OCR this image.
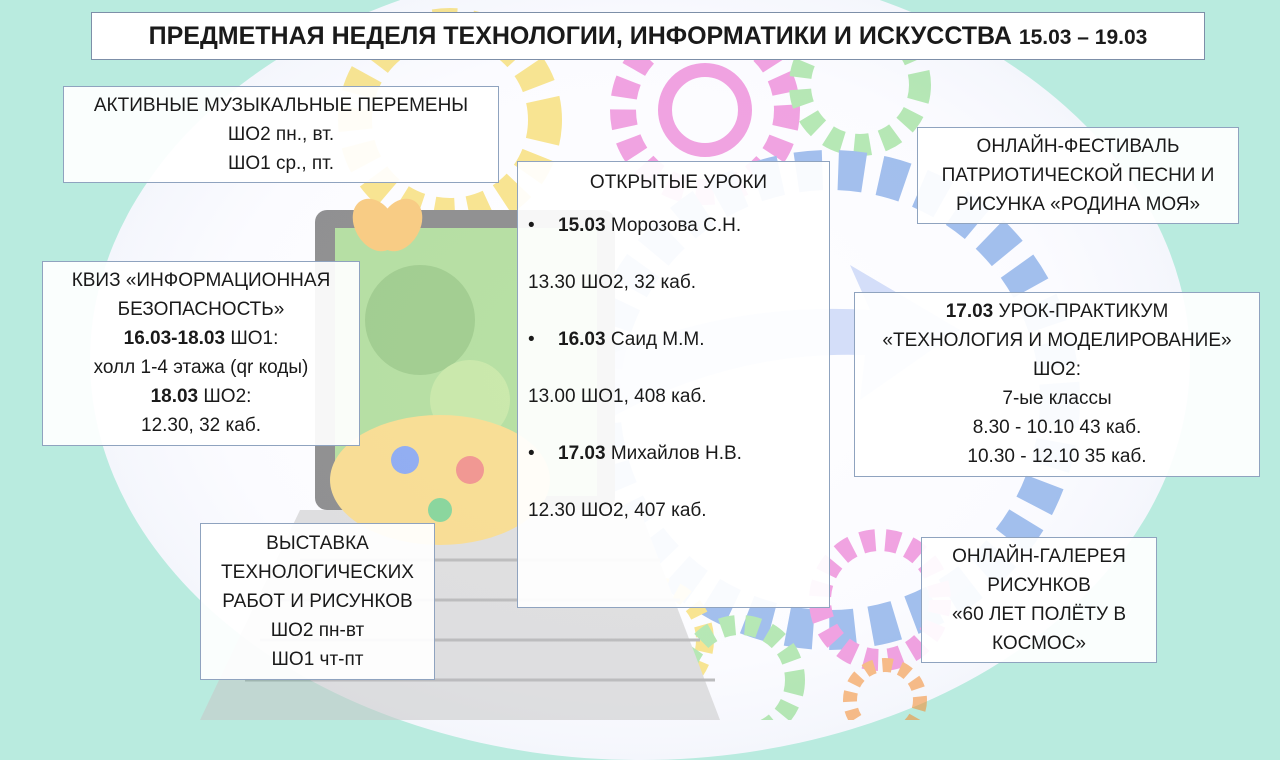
ПРЕДМЕТНАЯ НЕДЕЛЯ ТЕХНОЛОГИИ, ИНФОРМАТИКИ И ИСКУССТВА 15.03 – 19.03
АКТИВНЫЕ МУЗЫКАЛЬНЫЕ ПЕРЕМЕНЫ
ШО2 пн., вт.
ШО1 ср., пт.
КВИЗ «ИНФОРМАЦИОННАЯ
БЕЗОПАСНОСТЬ»
16.03-18.03 ШО1:
холл 1-4 этажа (qr коды)
18.03 ШО2:
12.30, 32 каб.
ВЫСТАВКА
ТЕХНОЛОГИЧЕСКИХ
РАБОТ И РИСУНКОВ
ШО2 пн-вт
ШО1 чт-пт
ОТКРЫТЫЕ УРОКИ
• 15.03 Морозова С.Н.
13.30 ШО2, 32 каб.
• 16.03 Саид М.М.
13.00 ШО1, 408 каб.
• 17.03 Михайлов Н.В.
12.30 ШО2, 407 каб.
ОНЛАЙН-ФЕСТИВАЛЬ
ПАТРИОТИЧЕСКОЙ ПЕСНИ И
РИСУНКА «РОДИНА МОЯ»
17.03 УРОК-ПРАКТИКУМ
«ТЕХНОЛОГИЯ И МОДЕЛИРОВАНИЕ»
ШО2:
7-ые классы
8.30 - 10.10 43 каб.
10.30 - 12.10 35 каб.
ОНЛАЙН-ГАЛЕРЕЯ
РИСУНКОВ
«60 ЛЕТ ПОЛЁТУ В
КОСМОС»
